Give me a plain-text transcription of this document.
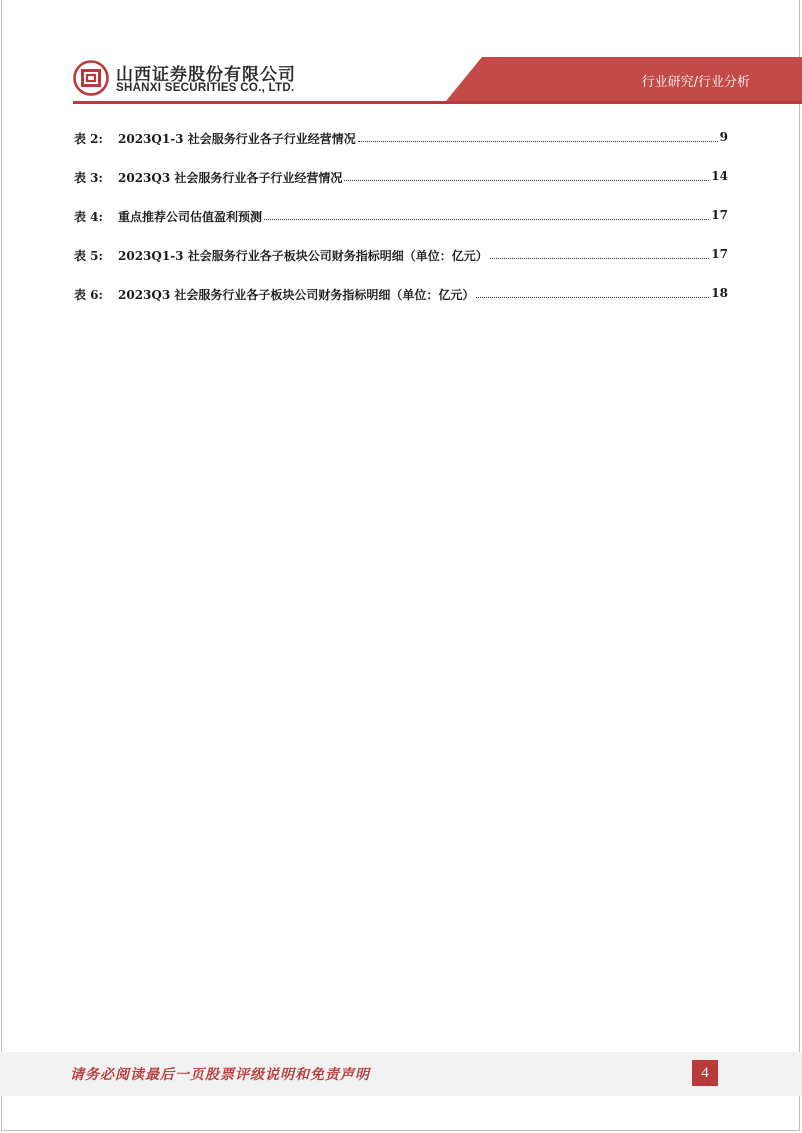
山西证券股份有限公司
SHANXI SECURITIES CO., LTD.	行业研究/行业分析
表 2:	2023Q1-3 社会服务行业各子行业经营情况	9
表 3:	2023Q3 社会服务行业各子行业经营情况	14
表 4:	重点推荐公司估值盈利预测	17
表 5:	2023Q1-3 社会服务行业各子板块公司财务指标明细（单位：亿元）	17
表 6:	2023Q3 社会服务行业各子板块公司财务指标明细（单位：亿元）	18
请务必阅读最后一页股票评级说明和免责声明	4
